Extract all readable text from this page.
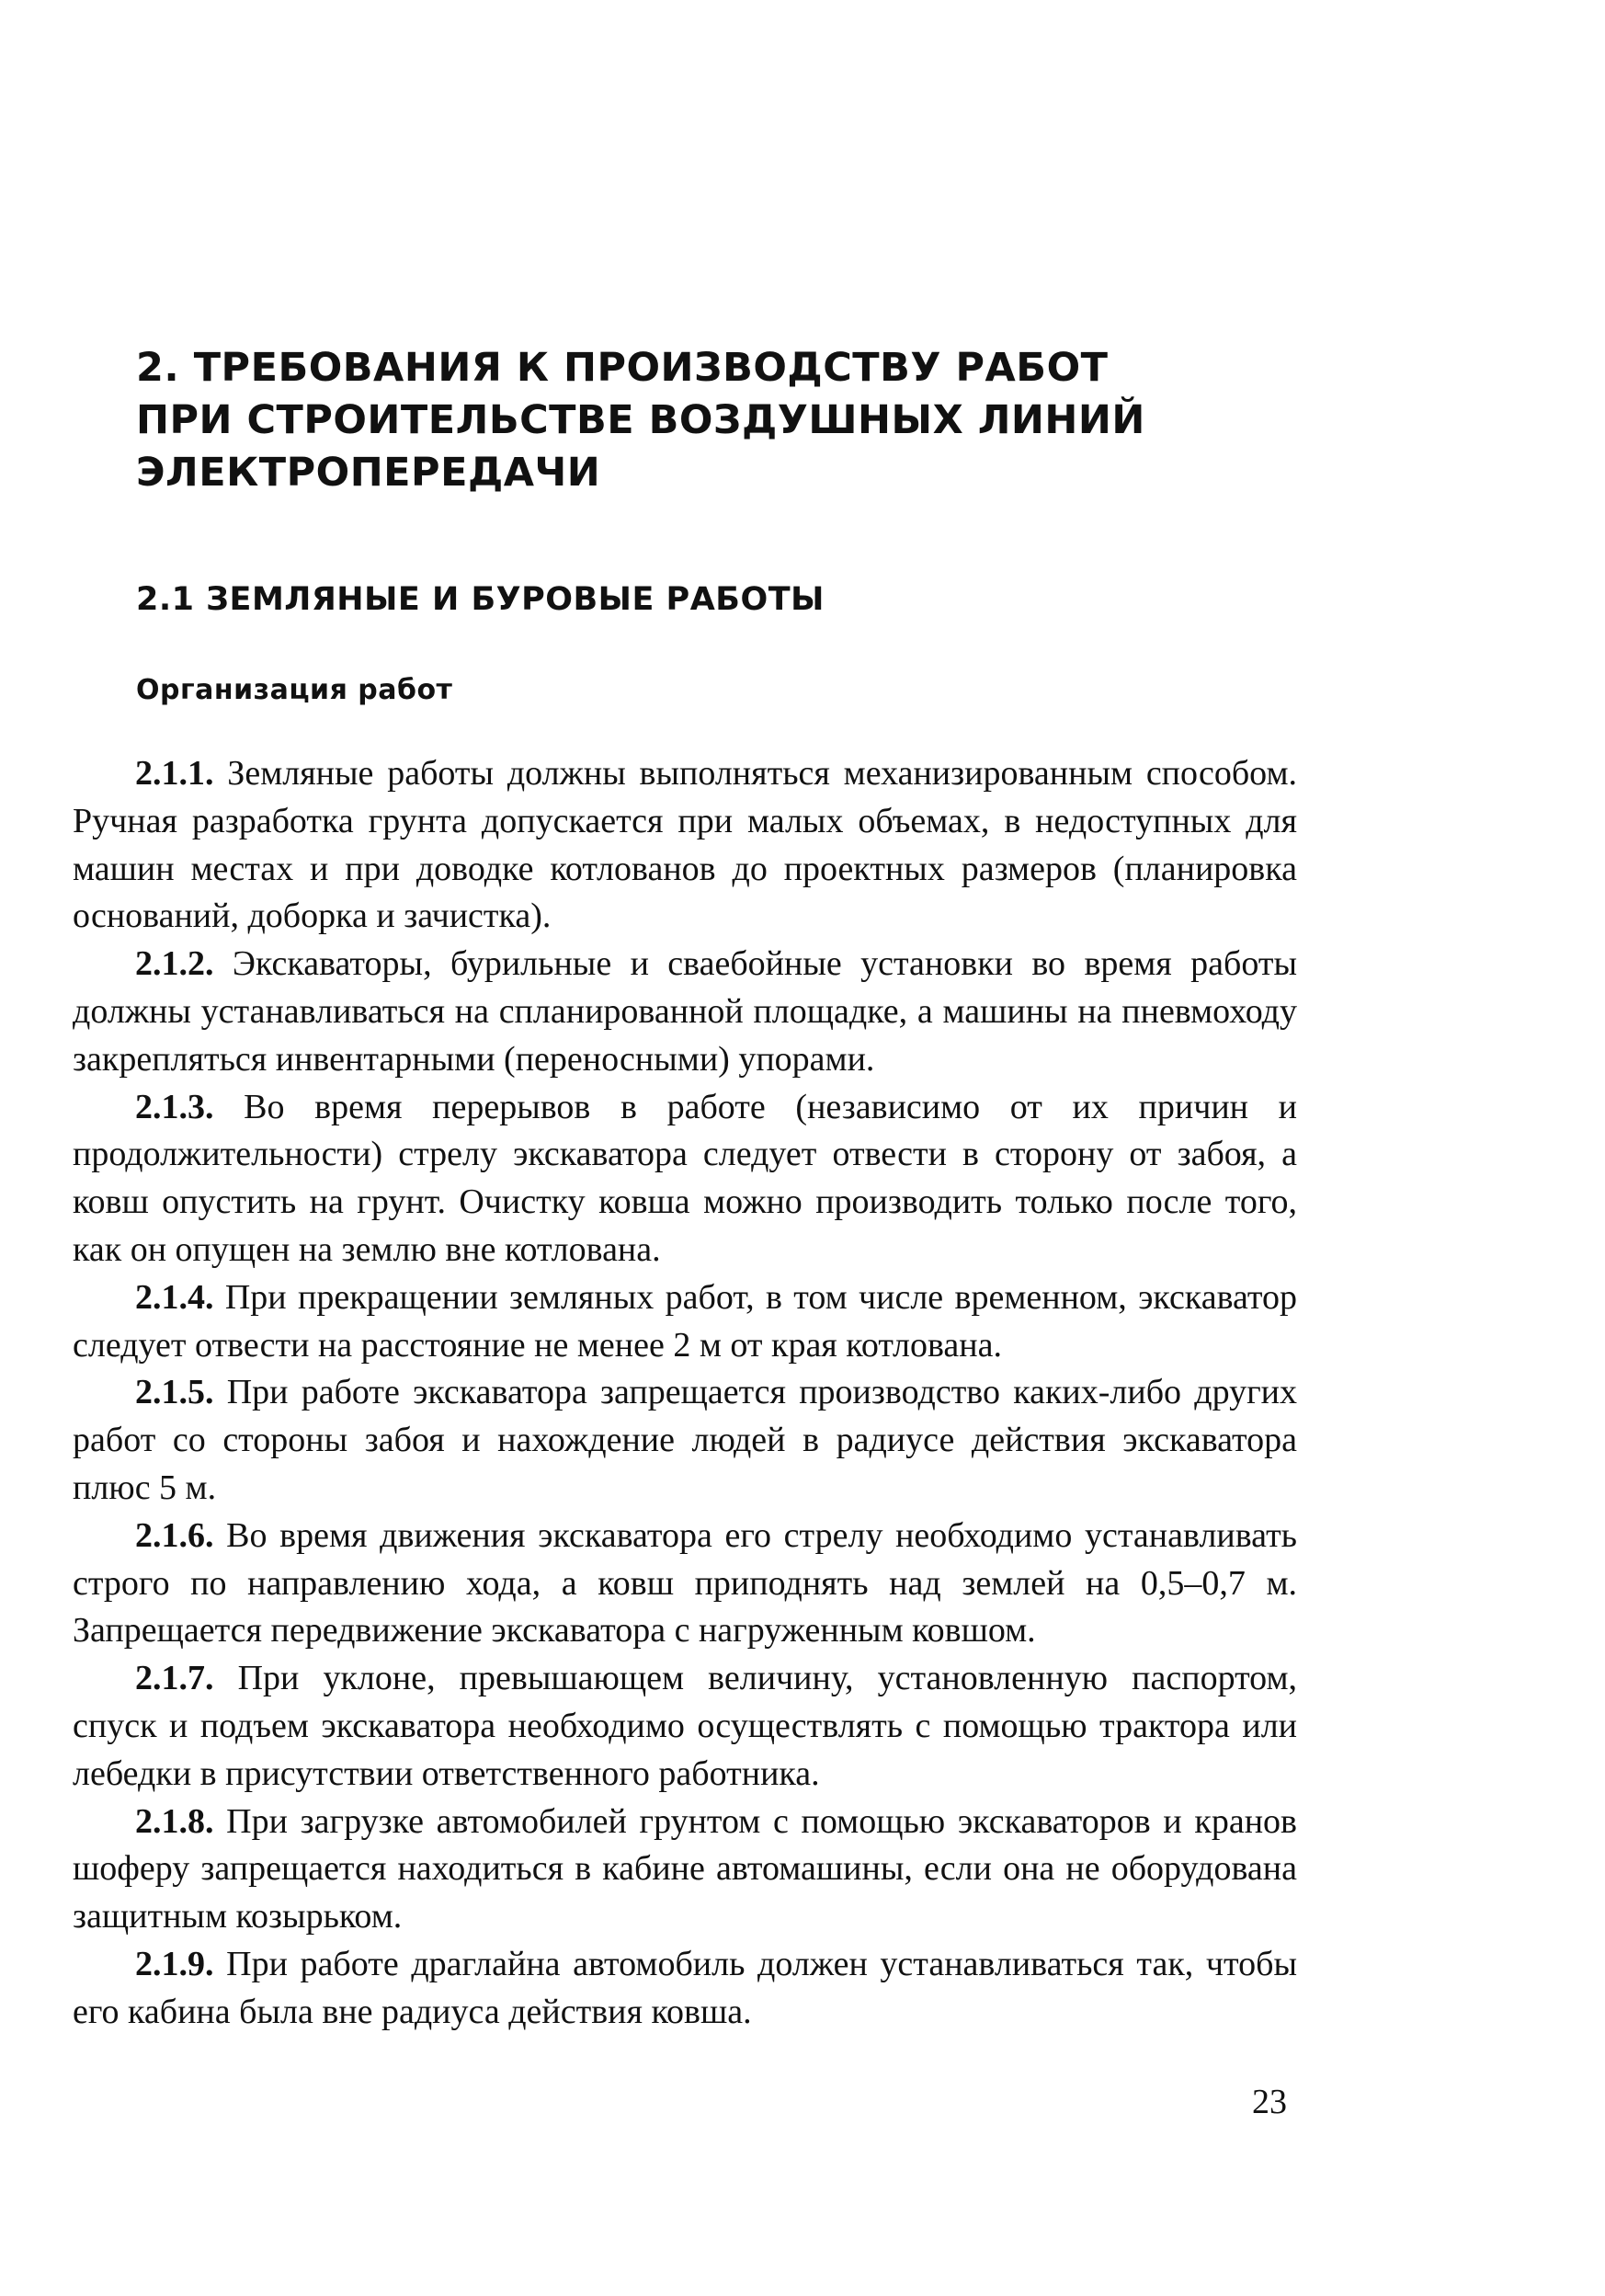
2. ТРЕБОВАНИЯ К ПРОИЗВОДСТВУ РАБОТ
ПРИ СТРОИТЕЛЬСТВЕ ВОЗДУШНЫХ ЛИНИЙ
ЭЛЕКТРОПЕРЕДАЧИ
2.1 ЗЕМЛЯНЫЕ И БУРОВЫЕ РАБОТЫ
Организация работ

2.1.1. Земляные работы должны выполняться механизированным способом. Ручная разработка грунта допускается при малых объемах, в недоступных для машин местах и при доводке котлованов до проектных размеров (планировка оснований, доборка и зачистка).

2.1.2. Экскаваторы, бурильные и сваебойные установки во время работы должны устанавливаться на спланированной площадке, а машины на пневмоходу закрепляться инвентарными (переносными) упорами.

2.1.3. Во время перерывов в работе (независимо от их причин и продолжительности) стрелу экскаватора следует отвести в сторону от забоя, а ковш опустить на грунт. Очистку ковша можно производить только после того, как он опущен на землю вне котлована.

2.1.4. При прекращении земляных работ, в том числе временном, экскаватор следует отвести на расстояние не менее 2 м от края котлована.

2.1.5. При работе экскаватора запрещается производство каких-либо других работ со стороны забоя и нахождение людей в радиусе действия экскаватора плюс 5 м.

2.1.6. Во время движения экскаватора его стрелу необходимо устанавливать строго по направлению хода, а ковш приподнять над землей на 0,5–0,7 м. Запрещается передвижение экскаватора с нагруженным ковшом.

2.1.7. При уклоне, превышающем величину, установленную паспортом, спуск и подъем экскаватора необходимо осуществлять с помощью трактора или лебедки в присутствии ответственного работника.

2.1.8. При загрузке автомобилей грунтом с помощью экскаваторов и кранов шоферу запрещается находиться в кабине автомашины, если она не оборудована защитным козырьком.

2.1.9. При работе драглайна автомобиль должен устанавливаться так, чтобы его кабина была вне радиуса действия ковша.

23
